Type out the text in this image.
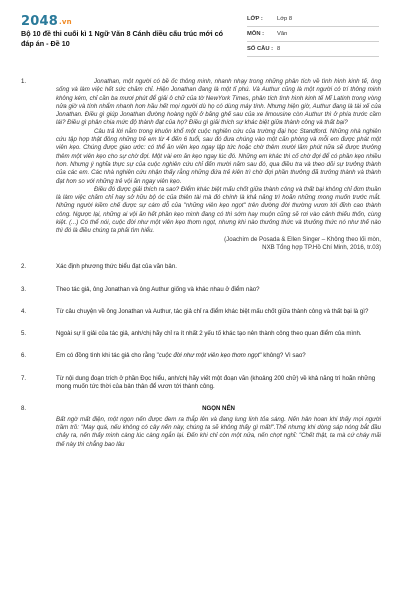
2048.vn
Bộ 10 đề thi cuối kì 1 Ngữ Văn 8 Cánh diều cấu trúc mới có đáp án - Đề 10
LỚP :	Lớp 8
MÔN :	Văn
SỐ CÂU : 8
1.	Jonathan, một người có bề ốc thông minh, nhanh nhạy trong những phân tích về tình hình kinh tế, ông sống và làm việc hết sức chăm chỉ. Hiện Jonathan đang là một tỉ phú. Và Authur cũng là một người có trí thông minh không kém, chỉ cần ba mươi phút để giải ô chữ của tờ NewYork Times, phân tích tình hình kinh tế Mĩ Latinh trong vòng nửa giờ và tính nhẩm nhanh hơn hầu hết mọi người dù họ có dùng máy tính. Nhưng hiện giờ, Authur đang là tài xế của Jonathan. Điều gì giúp Jonathan đường hoàng ngồi ở băng ghế sau của xe limousine còn Authur thì ở phía trước cầm lái? Điều gì phân chia mức độ thành đạt của họ? Điều gì giải thích sự khác biệt giữa thành công và thất bại?

Câu trả lời nằm trong khuôn khổ một cuộc nghiên cứu của trường đại học Standford. Những nhà nghiên cứu tập hợp thật đông những trẻ em từ 4 đến 6 tuổi, sau đó đưa chúng vào một căn phòng và mỗi em được phát một viên kẹo. Chúng được giao ước: có thể ăn viên kẹo ngay lập tức hoặc chờ thêm mười lăm phút nữa sẽ được thưởng thêm một viên kẹo cho sự chờ đợi. Một vài em ăn kẹo ngay lúc đó. Những em khác thì cố chờ đợi để có phần kẹo nhiều hơn. Nhưng ý nghĩa thực sự của cuộc nghiên cứu chỉ đến mười năm sau đó, qua điều tra và theo dõi sự trưởng thành của các em. Các nhà nghiên cứu nhận thấy rằng những đứa trẻ kiên trì chờ đợi phần thưởng đã trưởng thành và thành đạt hơn so với những trẻ vội ăn ngay viên kẹo.

Điều đó được giải thích ra sao? Điểm khác biệt mấu chốt giữa thành công và thất bại không chỉ đơn thuần là làm việc chăm chỉ hay sở hữu bộ óc của thiên tài mà đó chính là khả năng trì hoãn những mong muốn trước mắt. Những người kiềm chế được sự cám dỗ của "những viên kẹo ngọt" trên đường đời thường vươn tới đỉnh cao thành công. Ngược lại, những ai vội ăn hết phần kẹo mình đang có thì sớm hay muộn cũng sẽ rơi vào cảnh thiếu thốn, cùng kiệt. (...) Có thể nói, cuộc đời như một viên kẹo thơm ngọt, nhưng khi nào thưởng thức và thưởng thức nó như thế nào thì đó là điều chúng ta phải tìm hiểu.

(Joachim de Posada & Ellen Singer – Không theo lối mòn,

NXB Tổng hợp TP.Hồ Chí Minh, 2016, tr.03)

2.	Xác định phương thức biểu đạt của văn bản.
3.	Theo tác giả, ông Jonathan và ông Authur giống và khác nhau ở điểm nào?
4.	Từ câu chuyện về ông Jonathan và Authur, tác giả chỉ ra điểm khác biệt mấu chốt giữa thành công và thất bại là gì?
5.	Ngoài sự lí giải của tác giả, anh/chị hãy chỉ ra ít nhất 2 yếu tố khác tạo nên thành công theo quan điểm của mình.
6.	Em có đồng tình khi tác giả cho rằng "cuộc đời như một viên kẹo thơm ngọt" không? Vì sao?
7.	Từ nội dung đoạn trích ở phần Đọc hiểu, anh/chị hãy viết một đoạn văn (khoảng 200 chữ) về khả năng trì hoãn những mong muốn tức thời của bản thân để vươn tới thành công.
8.	NGỌN NẾN

Bất ngờ mất điện, một ngọn nến được đem ra thắp lên và đang lung linh tỏa sáng. Nến hân hoan khi thấy mọi người trầm trồ: "May quá, nếu không có cây nến này, chúng ta sẽ không thấy gì mất!".Thế nhưng khi dòng sáp nóng bắt đầu chảy ra, nến thấy mình càng lúc càng ngắn lại. Đến khi chỉ còn một nửa, nến chợt nghĩ: "Chết thật, ta mà cứ cháy mãi thế này thì chẳng bao lâu
